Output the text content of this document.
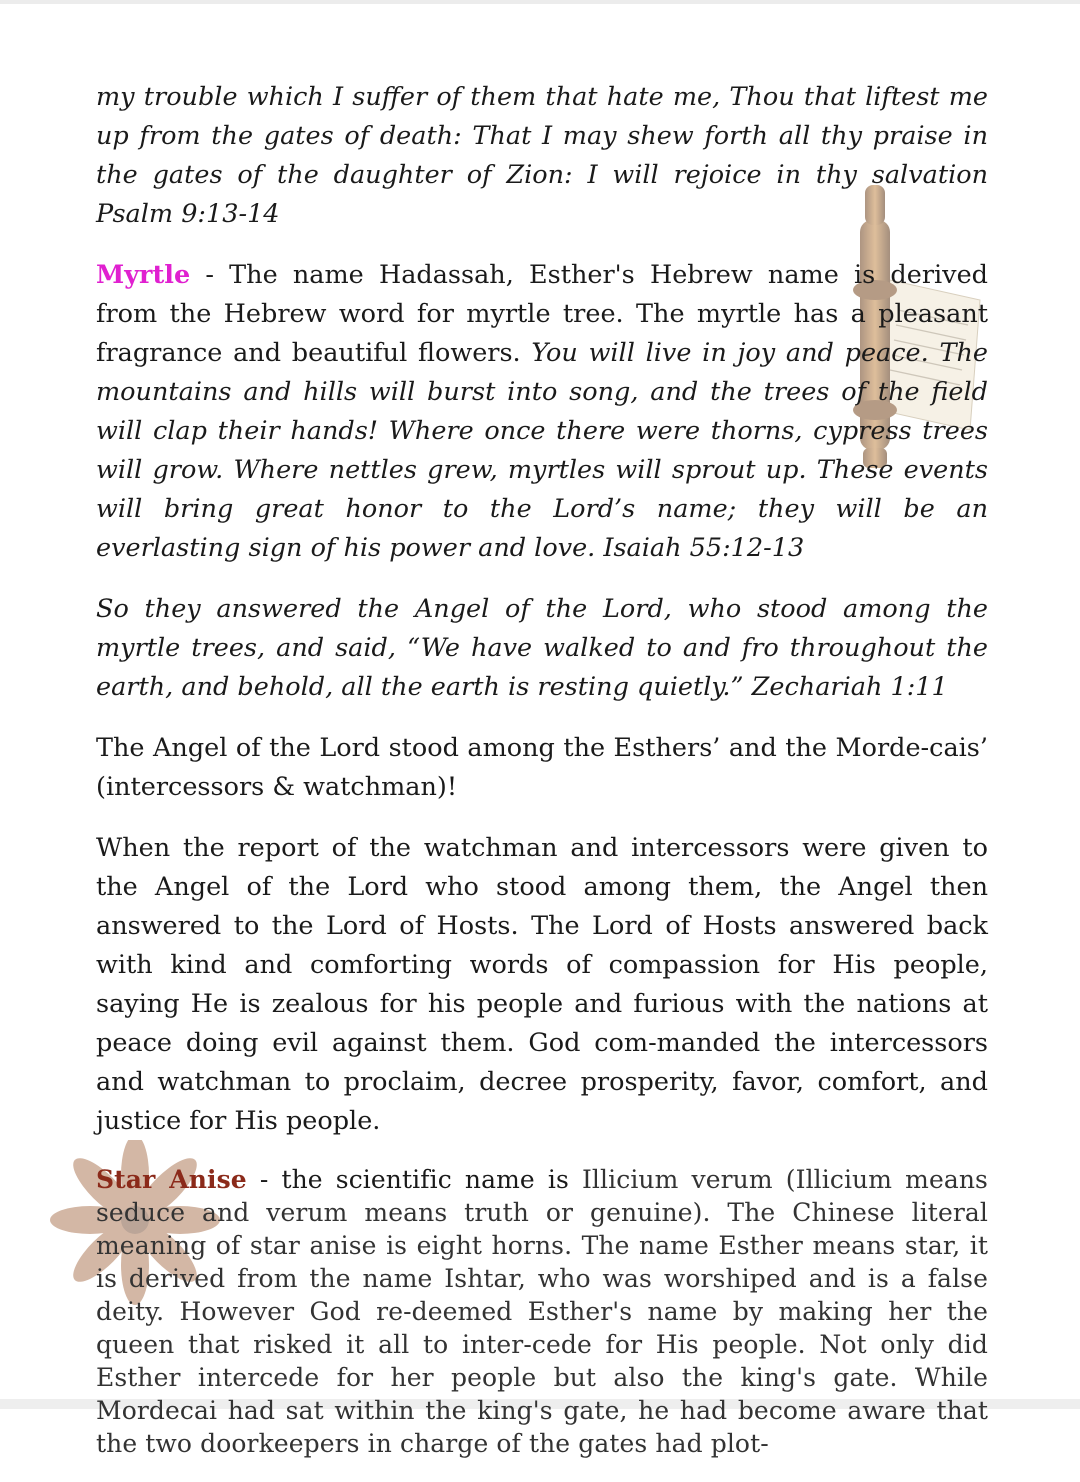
my trouble which I suffer of them that hate me, Thou that liftest me up from the gates of death: That I may shew forth all thy praise in the gates of the daughter of Zion: I will rejoice in thy salvation Psalm 9:13-14

Myrtle - The name Hadassah, Esther's Hebrew name is derived from the Hebrew word for myrtle tree. The myrtle has a pleasant fragrance and beautiful flowers. You will live in joy and peace. The mountains and hills will burst into song, and the trees of the field will clap their hands! Where once there were thorns, cypress trees will grow. Where nettles grew, myrtles will sprout up. These events will bring great honor to the Lord’s name; they will be an everlasting sign of his power and love. Isaiah 55:12-13

So they answered the Angel of the Lord, who stood among the myrtle trees, and said, “We have walked to and fro throughout the earth, and behold, all the earth is resting quietly.” Zechariah 1:11

The Angel of the Lord stood among the Esthers’ and the Morde-cais’ (intercessors & watchman)!

When the report of the watchman and intercessors were given to the Angel of the Lord who stood among them, the Angel then answered to the Lord of Hosts. The Lord of Hosts answered back with kind and comforting words of compassion for His people, saying He is zealous for his people and furious with the nations at peace doing evil against them. God com-manded the intercessors and watchman to proclaim, decree prosperity, favor, comfort, and justice for His people.

Star Anise - the scientific name is Illicium verum (Illicium means seduce and verum means truth or genuine). The Chinese literal meaning of star anise is eight horns. The name Esther means star, it is derived from the name Ishtar, who was worshiped and is a false deity. However God re-deemed Esther's name by making her the queen that risked it all to inter-cede for His people. Not only did Esther intercede for her people but also the king's gate. While Mordecai had sat within the king's gate, he had become aware that the two doorkeepers in charge of the gates had plot-
